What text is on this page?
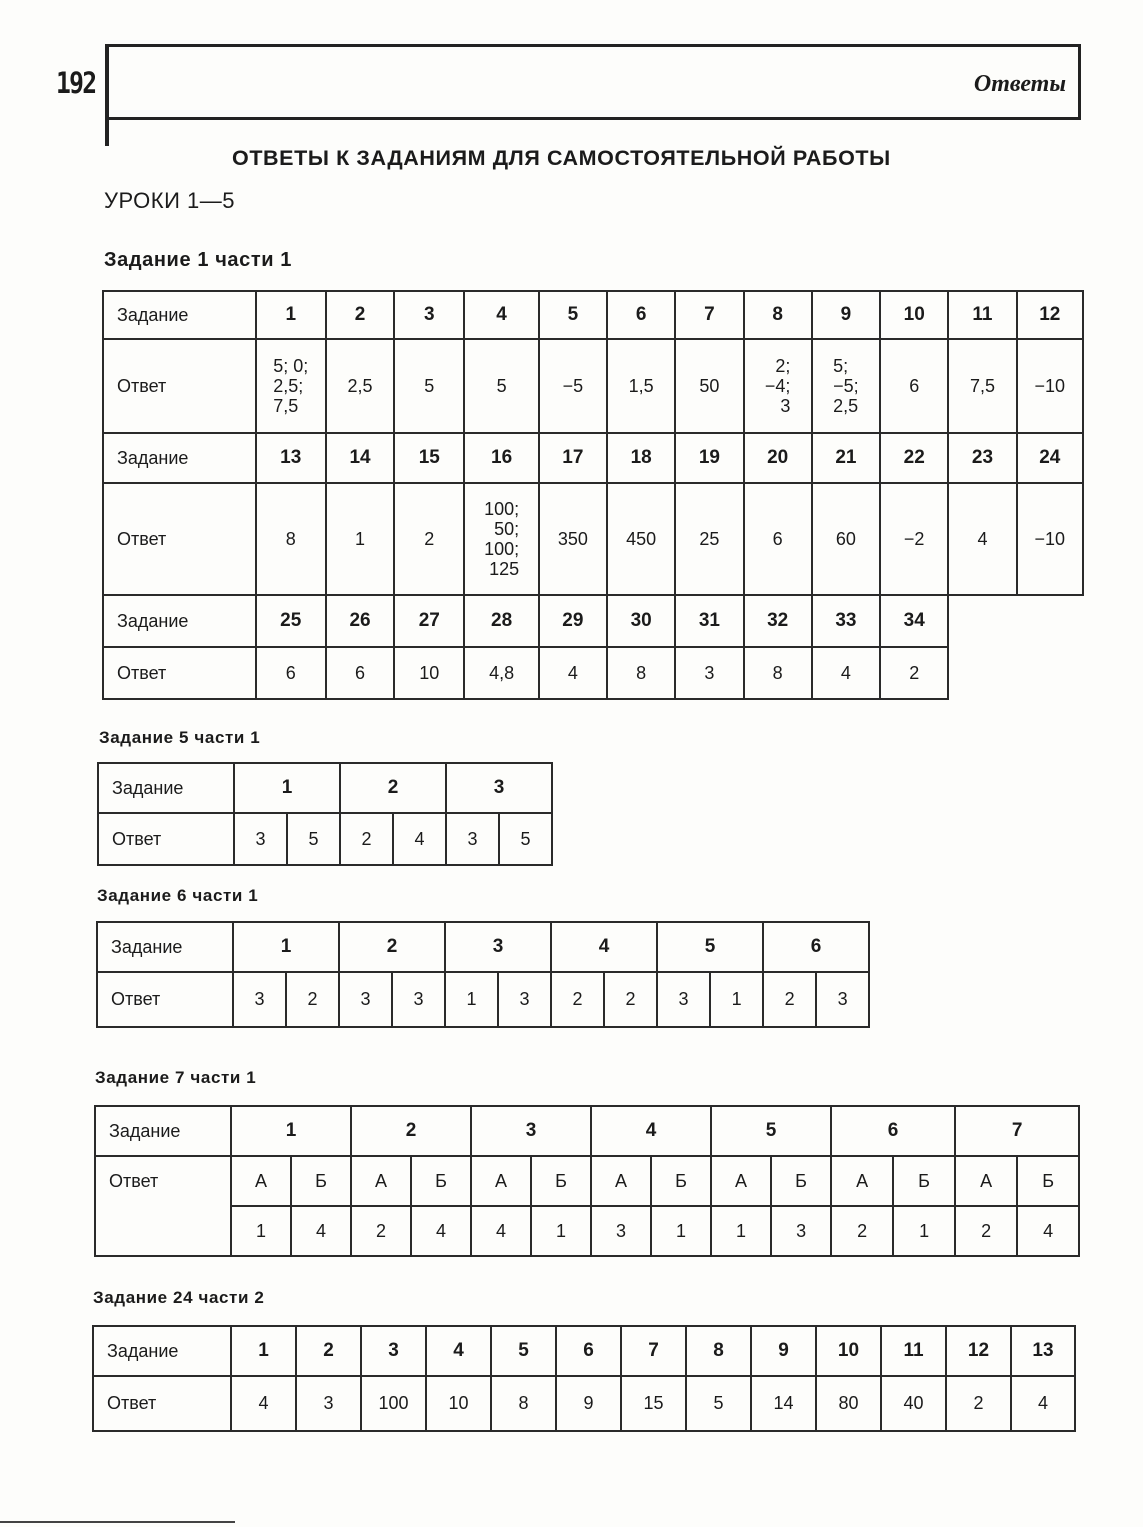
192	Ответы
ОТВЕТЫ К ЗАДАНИЯМ ДЛЯ САМОСТОЯТЕЛЬНОЙ РАБОТЫ
УРОКИ 1—5
Задание 1 части 1
Задание	1	2	3	4	5	6	7	8	9	10	11	12
Ответ	5; 0;
2,5;
7,5	2,5	5	5	−5	1,5	50	2;
−4;
3	5;
−5;
2,5	6	7,5	−10
Задание	13	14	15	16	17	18	19	20	21	22	23	24
Ответ	8	1	2	100;
50;
100;
125	350	450	25	6	60	−2	4	−10
Задание	25	26	27	28	29	30	31	32	33	34		
Ответ	6	6	10	4,8	4	8	3	8	4	2		
Задание 5 части 1
Задание	1		2		3	
Ответ	3	5	2	4	3	5
Задание 6 части 1
Задание	1		2		3		4		5		6	
Ответ	3	2	3	3	1	3	2	2	3	1	2	3
Задание 7 части 1
Задание	1		2		3		4		5		6		7	
Ответ	А	Б	А	Б	А	Б	А	Б	А	Б	А	Б	А	Б
	1	4	2	4	4	1	3	1	1	3	2	1	2	4
Задание 24 части 2
Задание	1	2	3	4	5	6	7	8	9	10	11	12	13
Ответ	4	3	100	10	8	9	15	5	14	80	40	2	4
